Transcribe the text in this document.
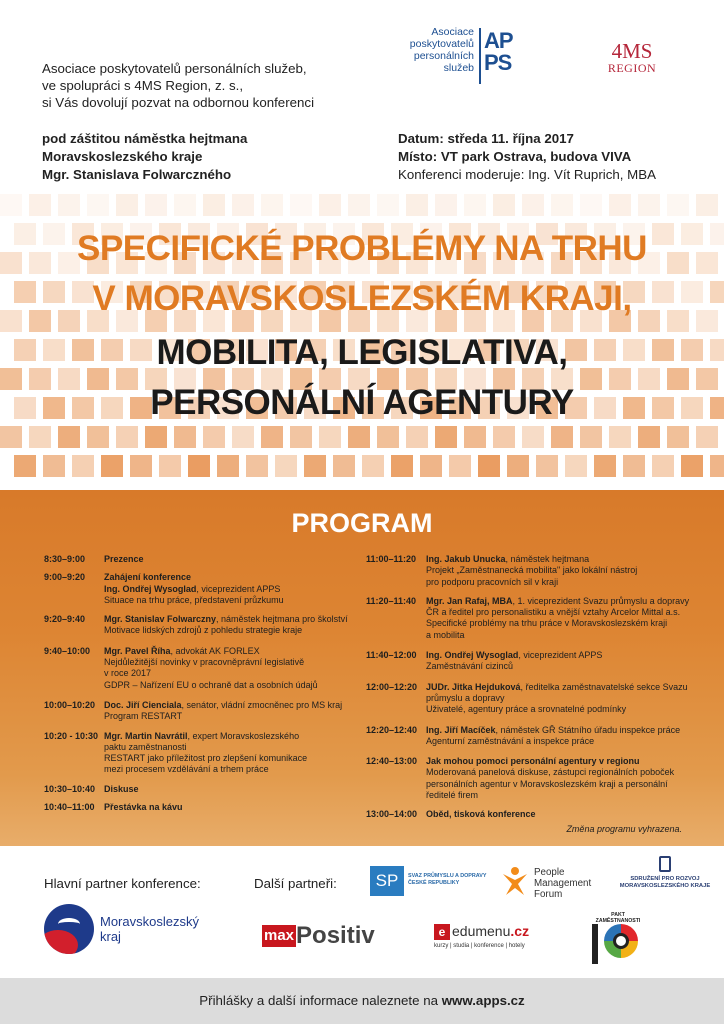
Asociace poskytovatelů personálních služeb,
ve spolupráci s 4MS Region, z. s.,
si Vás dovolují pozvat na odbornou konferenci
Asociace
poskytovatelů
personálních
služeb
AP
PS	4MS
REGION
pod záštitou náměstka hejtmana
Moravskoslezského kraje
Mgr. Stanislava Folwarczného
Datum: středa 11. října 2017
Místo: VT park Ostrava, budova VIVA
Konferenci moderuje: Ing. Vít Ruprich, MBA
SPECIFICKÉ PROBLÉMY NA TRHU
V MORAVSKOSLEZSKÉM KRAJI,
MOBILITA, LEGISLATIVA,
PERSONÁLNÍ AGENTURY
PROGRAM
8:30–9:00	Prezence
9:00–9:20	Zahájení konference
Ing. Ondřej Wysoglad, viceprezident APPS
Situace na trhu práce, představení průzkumu
9:20–9:40	Mgr. Stanislav Folwarczny, náměstek hejtmana pro školství
Motivace lidských zdrojů z pohledu strategie kraje
9:40–10:00	Mgr. Pavel Říha, advokát AK FORLEX
Nejdůležitější novinky v pracovněprávní legislativě
v roce 2017
GDPR – Nařízení EU o ochraně dat a osobních údajů
10:00–10:20 Doc. Jiří Cienciala, senátor, vládní zmocněnec pro MS kraj
Program RESTART
10:20 - 10:30 Mgr. Martin Navrátil, expert Moravskoslezského
paktu zaměstnanosti
RESTART jako příležitost pro zlepšení komunikace
mezi procesem vzdělávání a trhem práce
10:30–10:40 Diskuse
10:40–11:00	Přestávka na kávu
11:00–11:20	Ing. Jakub Unucka, náměstek hejtmana
Projekt „Zaměstnanecká mobilita" jako lokální nástroj
pro podporu pracovních sil v kraji
11:20–11:40	Mgr. Jan Rafaj, MBA, 1. viceprezident Svazu průmyslu a dopravy
ČR a ředitel pro personalistiku a vnější vztahy Arcelor Mittal a.s.
Specifické problémy na trhu práce v Moravskoslezském kraji
a mobilita
11:40–12:00	Ing. Ondřej Wysoglad, viceprezident APPS
Zaměstnávání cizinců
12:00–12:20 JUDr. Jitka Hejduková, ředitelka zaměstnavatelské sekce Svazu
průmyslu a dopravy
Uživatelé, agentury práce a srovnatelné podmínky
12:20–12:40 Ing. Jiří Macíček, náměstek GŘ Státního úřadu inspekce práce
Agenturní zaměstnávání a inspekce práce
12:40–13:00 Jak mohou pomoci personální agentury v regionu
Moderovaná panelová diskuse, zástupci regionálních poboček
personálních agentur v Moravskoslezském kraji a personální
ředitelé firem
13:00–14:00 Oběd, tisková konference
Změna programu vyhrazena.
Hlavní partner konference:	Další partneři:
Moravskoslezský
kraj
SP	SVAZ PRŮMYSLU A DOPRAVY
ČESKÉ REPUBLIKY
People
Management
Forum
SDRUŽENÍ PRO ROZVOJ
MORAVSKOSLEZSKÉHO KRAJE
maxPositiv	e edumenu.cz
kurzy | studia | konference | hotely
PAKT ZAMĚSTNANOSTI
Přihlášky a další informace naleznete na www.apps.cz
